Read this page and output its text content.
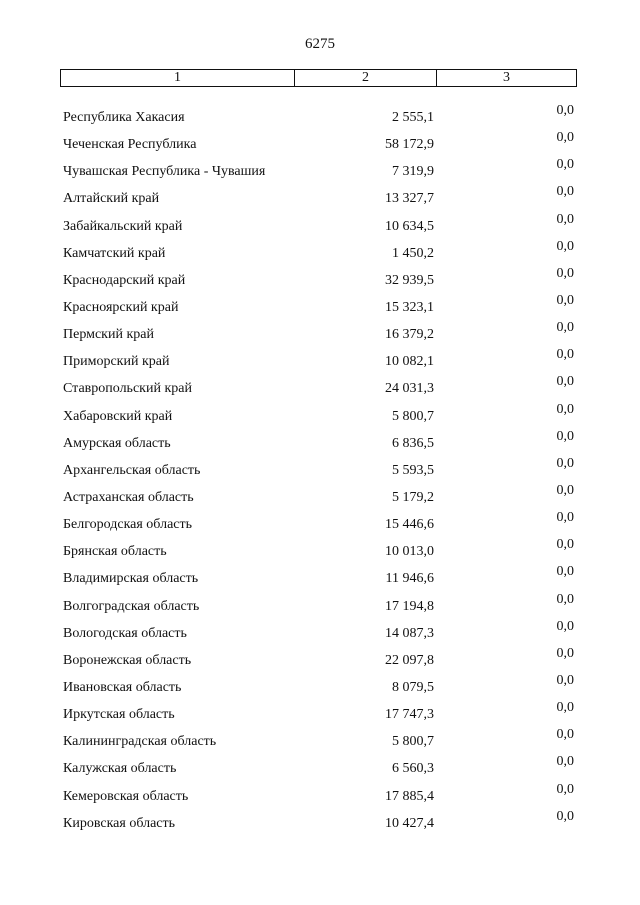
6275
1	2	3
Республика Хакасия	2 555,1	0,0
Чеченская Республика	58 172,9	0,0
Чувашская Республика - Чувашия	7 319,9	0,0
Алтайский край	13 327,7	0,0
Забайкальский край	10 634,5	0,0
Камчатский край	1 450,2	0,0
Краснодарский край	32 939,5	0,0
Красноярский край	15 323,1	0,0
Пермский край	16 379,2	0,0
Приморский край	10 082,1	0,0
Ставропольский край	24 031,3	0,0
Хабаровский край	5 800,7	0,0
Амурская область	6 836,5	0,0
Архангельская область	5 593,5	0,0
Астраханская область	5 179,2	0,0
Белгородская область	15 446,6	0,0
Брянская область	10 013,0	0,0
Владимирская область	11 946,6	0,0
Волгоградская область	17 194,8	0,0
Вологодская область	14 087,3	0,0
Воронежская область	22 097,8	0,0
Ивановская область	8 079,5	0,0
Иркутская область	17 747,3	0,0
Калининградская область	5 800,7	0,0
Калужская область	6 560,3	0,0
Кемеровская область	17 885,4	0,0
Кировская область	10 427,4	0,0
